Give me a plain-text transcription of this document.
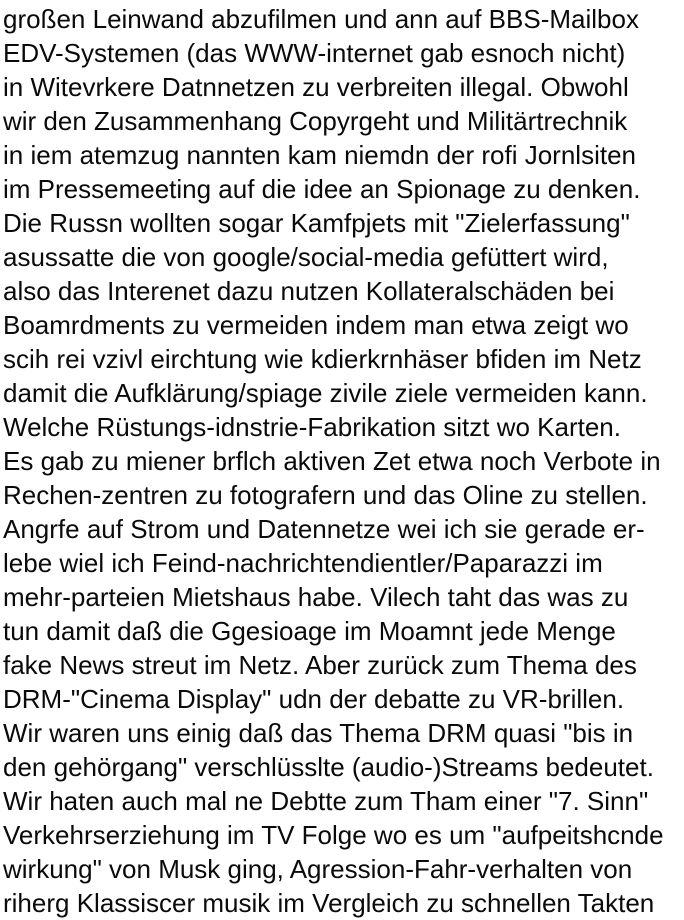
großen Leinwand abzufilmen und ann auf BBS-Mailbox
EDV-Systemen (das WWW-internet gab esnoch nicht)
in Witevrkere Datnnetzen zu verbreiten illegal. Obwohl
wir den Zusammenhang Copyrgeht und Militärtrechnik
in iem atemzug nannten kam niemdn der rofi Jornlsiten
im Pressemeeting auf die idee an Spionage zu denken.
Die Russn wollten sogar Kamfpjets mit "Zielerfassung"
asussatte die von google/social-media gefüttert wird,
also das Interenet dazu nutzen Kollateralschäden bei
Boamrdments zu vermeiden indem man etwa zeigt wo
scih rei vzivl eirchtung wie kdierkrnhäser bfiden im Netz
damit die Aufklärung/spiage zivile ziele vermeiden kann.
Welche Rüstungs-idnstrie-Fabrikation sitzt wo Karten.
Es gab zu miener brflch aktiven Zet etwa noch Verbote in
Rechen-zentren zu fotografern und das Oline zu stellen.
Angrfe auf Strom und Datennetze wei ich sie gerade er-
lebe wiel ich Feind-nachrichtendientler/Paparazzi im
mehr-parteien Mietshaus habe. Vilech taht das was zu
tun damit daß die Ggesioage im Moamnt jede Menge
fake News streut im Netz. Aber zurück zum Thema des
DRM-"Cinema Display" udn der debatte zu VR-brillen.
Wir waren uns einig daß das Thema DRM quasi "bis in
den gehörgang" verschlüsslte (audio-)Streams bedeutet.
Wir haten auch mal ne Debtte zum Tham einer "7. Sinn"
Verkehrserziehung im TV Folge wo es um "aufpeitshcnde
wirkung" von Musk ging, Agression-Fahr-verhalten von
riherg Klassiscer musik im Vergleich zu schnellen Takten
